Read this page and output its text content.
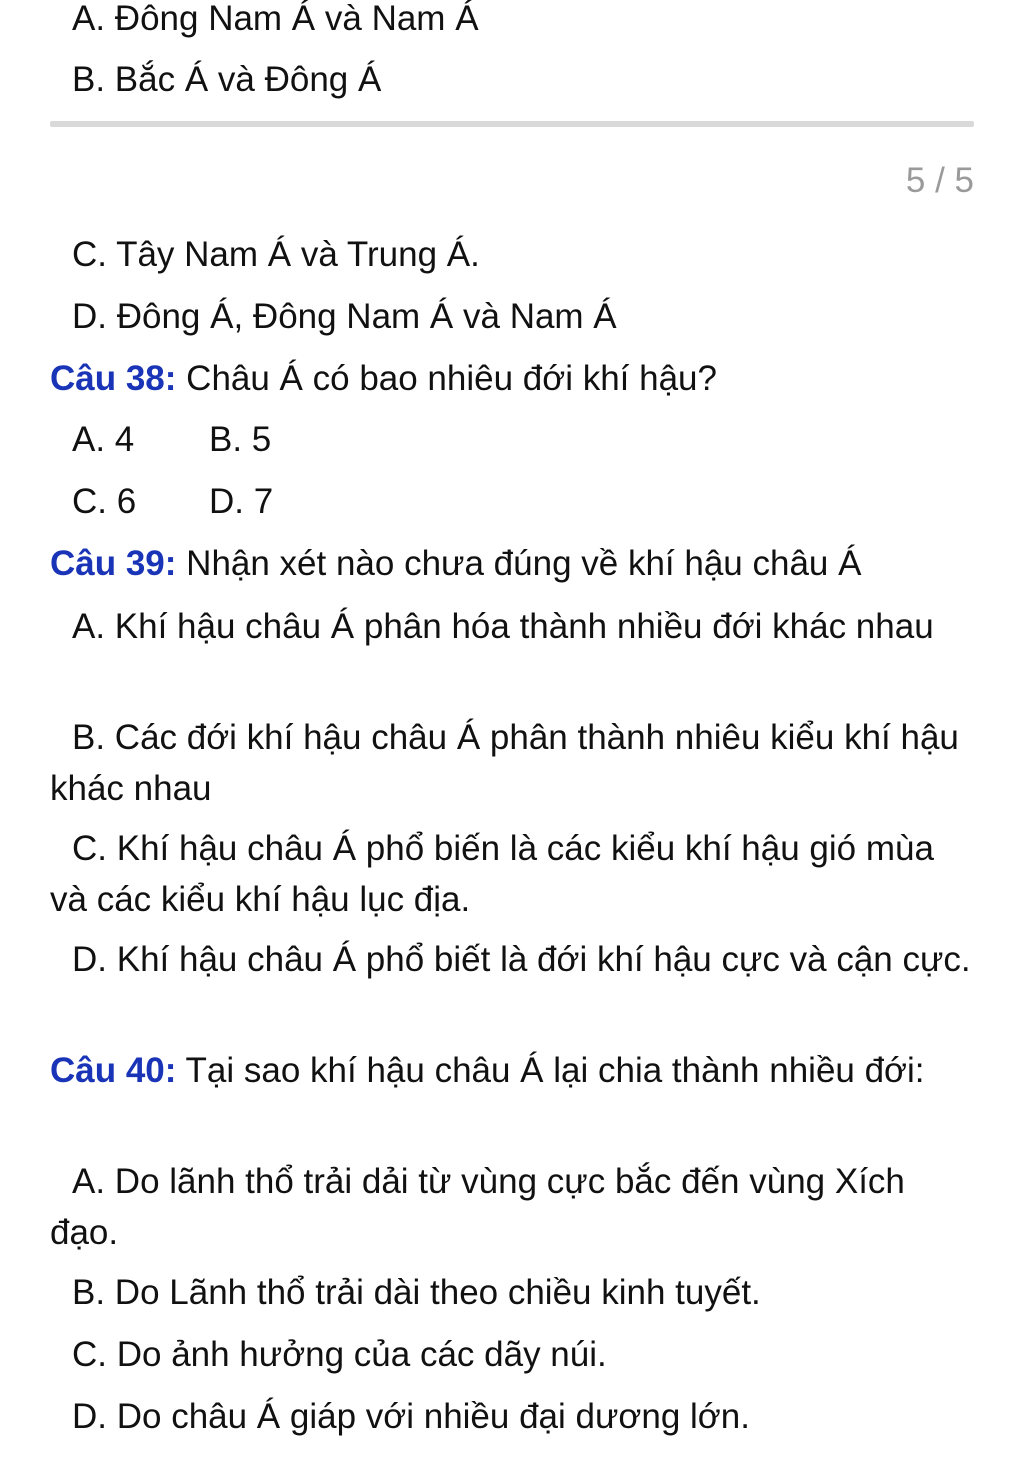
A. Đông Nam Á và Nam Á
B. Bắc Á và Đông Á
5 / 5
C. Tây Nam Á và Trung Á.
D. Đông Á, Đông Nam Á và Nam Á
Câu 38: Châu Á có bao nhiêu đới khí hậu?
A. 4 B. 5
C. 6 D. 7
Câu 39: Nhận xét nào chưa đúng về khí hậu châu Á
A. Khí hậu châu Á phân hóa thành nhiều đới khác nhau
B. Các đới khí hậu châu Á phân thành nhiêu kiểu khí hậu khác nhau
C. Khí hậu châu Á phổ biến là các kiểu khí hậu gió mùa và các kiểu khí hậu lục địa.
D. Khí hậu châu Á phổ biết là đới khí hậu cực và cận cực.
Câu 40: Tại sao khí hậu châu Á lại chia thành nhiều đới:
A. Do lãnh thổ trải dải từ vùng cực bắc đến vùng Xích đạo.
B. Do Lãnh thổ trải dài theo chiều kinh tuyết.
C. Do ảnh hưởng của các dãy núi.
D. Do châu Á giáp với nhiều đại dương lớn.
